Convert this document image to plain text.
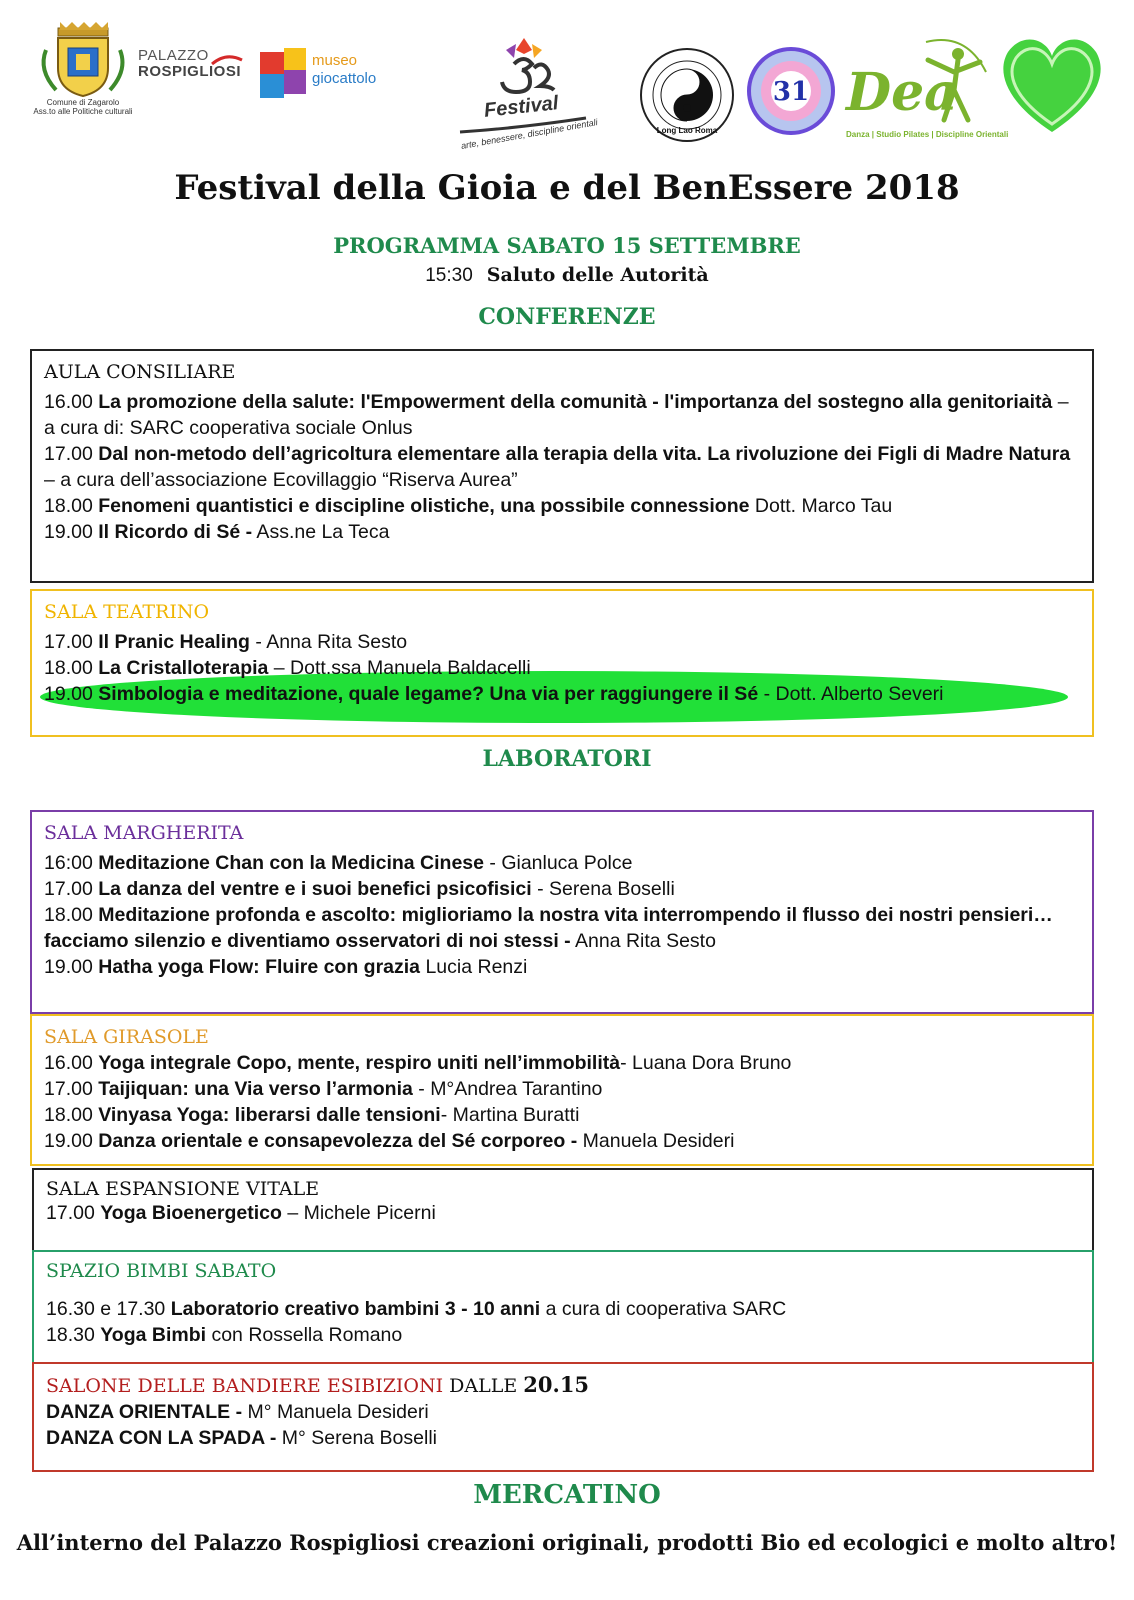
Comune di Zagarolo
Ass.to alle Politiche culturali
PALAZZO
ROSPIGLIOSI
museo
giocattolo
Festival
arte, benessere, discipline orientali	Long Lao Roma
31 Dea
Danza | Studio Pilates | Discipline Orientali
Festival della Gioia e del BenEssere 2018
PROGRAMMA SABATO 15 SETTEMBRE
15:30 Saluto delle Autorità
CONFERENZE
AULA CONSILIARE
16.00 La promozione della salute: l'Empowerment della comunità - l'importanza del sostegno alla genitoriaità – a cura di: SARC cooperativa sociale Onlus
17.00 Dal non-metodo dell’agricoltura elementare alla terapia della vita. La rivoluzione dei Figli di Madre Natura – a cura dell’associazione Ecovillaggio “Riserva Aurea”
18.00 Fenomeni quantistici e discipline olistiche, una possibile connessione Dott. Marco Tau
19.00 Il Ricordo di Sé - Ass.ne La Teca
SALA TEATRINO
17.00 Il Pranic Healing - Anna Rita Sesto
18.00 La Cristalloterapia – Dott.ssa Manuela Baldacelli
19.00 Simbologia e meditazione, quale legame? Una via per raggiungere il Sé - Dott. Alberto Severi
LABORATORI
SALA MARGHERITA
16:00 Meditazione Chan con la Medicina Cinese - Gianluca Polce
17.00 La danza del ventre e i suoi benefici psicofisici - Serena Boselli
18.00 Meditazione profonda e ascolto: miglioriamo la nostra vita interrompendo il flusso dei nostri pensieri… facciamo silenzio e diventiamo osservatori di noi stessi - Anna Rita Sesto
19.00 Hatha yoga Flow: Fluire con grazia Lucia Renzi
SALA GIRASOLE
16.00 Yoga integrale Copo, mente, respiro uniti nell’immobilità- Luana Dora Bruno
17.00 Taijiquan: una Via verso l’armonia - M°Andrea Tarantino
18.00 Vinyasa Yoga: liberarsi dalle tensioni- Martina Buratti
19.00 Danza orientale e consapevolezza del Sé corporeo - Manuela Desideri
SALA ESPANSIONE VITALE
17.00 Yoga Bioenergetico – Michele Picerni
SPAZIO BIMBI SABATO
16.30 e 17.30 Laboratorio creativo bambini 3 - 10 anni a cura di cooperativa SARC
18.30 Yoga Bimbi con Rossella Romano
SALONE DELLE BANDIERE ESIBIZIONI DALLE 20.15
DANZA ORIENTALE - M° Manuela Desideri
DANZA CON LA SPADA - M° Serena Boselli
MERCATINO
All’interno del Palazzo Rospigliosi creazioni originali, prodotti Bio ed ecologici e molto altro!
